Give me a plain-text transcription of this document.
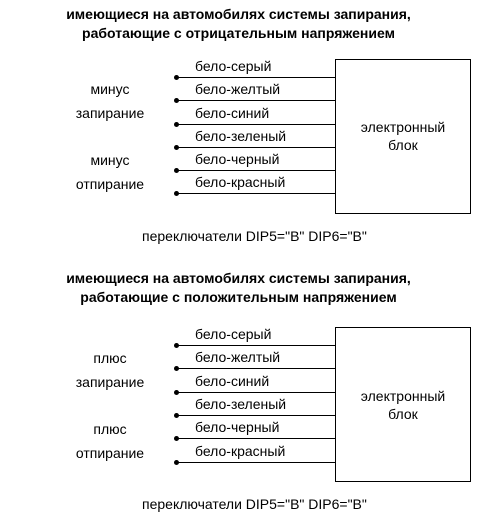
имеющиеся на автомобилях системы запирания,
работающие с отрицательным напряжением
минус
запирание
минус
отпирание
бело-серый
бело-желтый
бело-синий
бело-зеленый
бело-черный
бело-красный
электронный
блок
переключатели DIP5="B" DIP6="B"
имеющиеся на автомобилях системы запирания,
работающие с положительным напряжением
плюс
запирание
плюс
отпирание
бело-серый
бело-желтый
бело-синий
бело-зеленый
бело-черный
бело-красный
электронный
блок
переключатели DIP5="B" DIP6="B"
